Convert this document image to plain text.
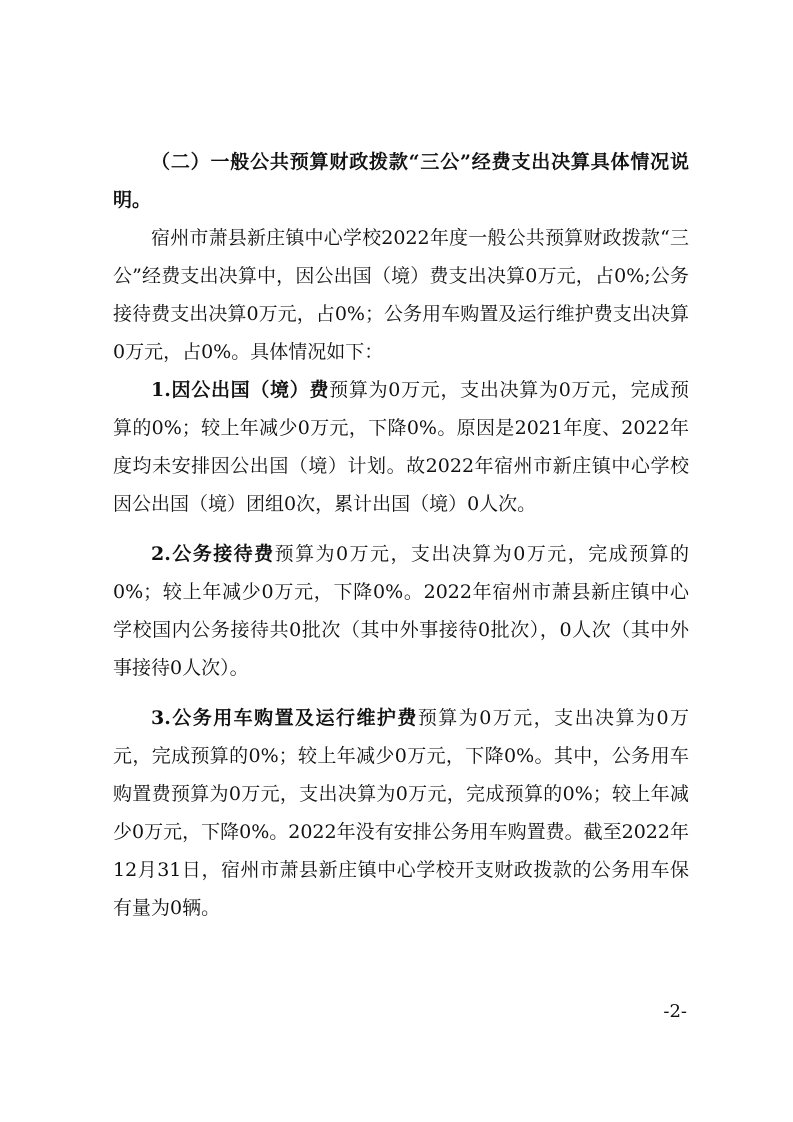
（二）一般公共预算财政拨款“三公”经费支出决算具体情况说明。

宿州市萧县新庄镇中心学校2022年度一般公共预算财政拨款“三公”经费支出决算中，因公出国（境）费支出决算0万元，占0%;公务接待费支出决算0万元，占0%；公务用车购置及运行维护费支出决算0万元，占0%。具体情况如下：

1.因公出国（境）费预算为0万元，支出决算为0万元，完成预算的0%；较上年减少0万元，下降0%。原因是2021年度、2022年度均未安排因公出国（境）计划。故2022年宿州市新庄镇中心学校因公出国（境）团组0次，累计出国（境）0人次。

2.公务接待费预算为0万元，支出决算为0万元，完成预算的0%；较上年减少0万元，下降0%。2022年宿州市萧县新庄镇中心学校国内公务接待共0批次（其中外事接待0批次），0人次（其中外事接待0人次）。

3.公务用车购置及运行维护费预算为0万元，支出决算为0万元，完成预算的0%；较上年减少0万元，下降0%。其中，公务用车购置费预算为0万元，支出决算为0万元，完成预算的0%；较上年减少0万元，下降0%。2022年没有安排公务用车购置费。截至2022年12月31日，宿州市萧县新庄镇中心学校开支财政拨款的公务用车保有量为0辆。

-2-
